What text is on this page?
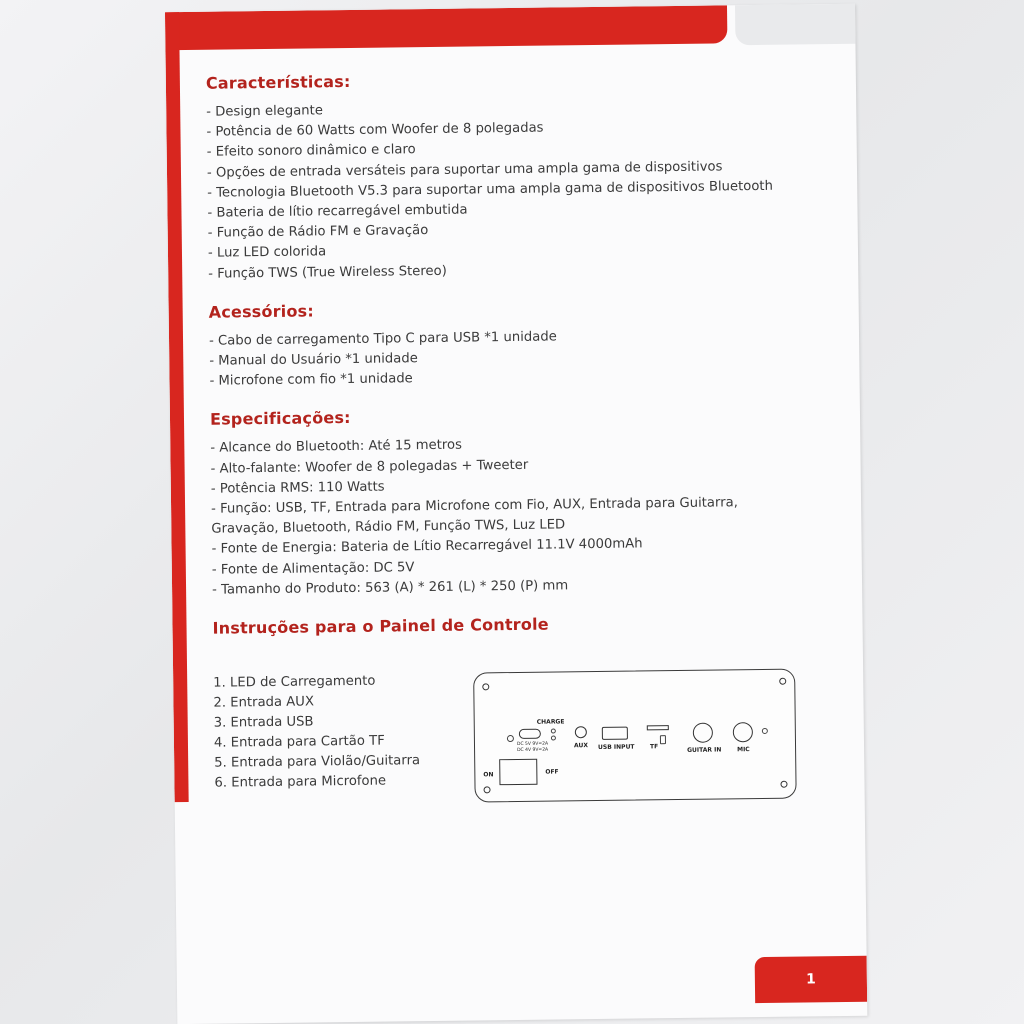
Características:
- Design elegante
- Potência de 60 Watts com Woofer de 8 polegadas
- Efeito sonoro dinâmico e claro
- Opções de entrada versáteis para suportar uma ampla gama de dispositivos
- Tecnologia Bluetooth V5.3 para suportar uma ampla gama de dispositivos Bluetooth
- Bateria de lítio recarregável embutida
- Função de Rádio FM e Gravação
- Luz LED colorida
- Função TWS (True Wireless Stereo)
Acessórios:
- Cabo de carregamento Tipo C para USB *1 unidade
- Manual do Usuário *1 unidade
- Microfone com fio *1 unidade
Especificações:
- Alcance do Bluetooth: Até 15 metros
- Alto-falante: Woofer de 8 polegadas + Tweeter
- Potência RMS: 110 Watts
- Função: USB, TF, Entrada para Microfone com Fio, AUX, Entrada para Guitarra, Gravação, Bluetooth, Rádio FM, Função TWS, Luz LED
- Fonte de Energia: Bateria de Lítio Recarregável 11.1V 4000mAh
- Fonte de Alimentação: DC 5V
- Tamanho do Produto: 563 (A) * 261 (L) * 250 (P) mm
Instruções para o Painel de Controle
1. LED de Carregamento
2. Entrada AUX
3. Entrada USB
4. Entrada para Cartão TF
5. Entrada para Violão/Guitarra
6. Entrada para Microfone
DC 5V 9V=2A
DC 4V 9V=2A
CHARGE
AUX USB INPUT	TF	GUITAR IN	MIC
ON	OFF
1
